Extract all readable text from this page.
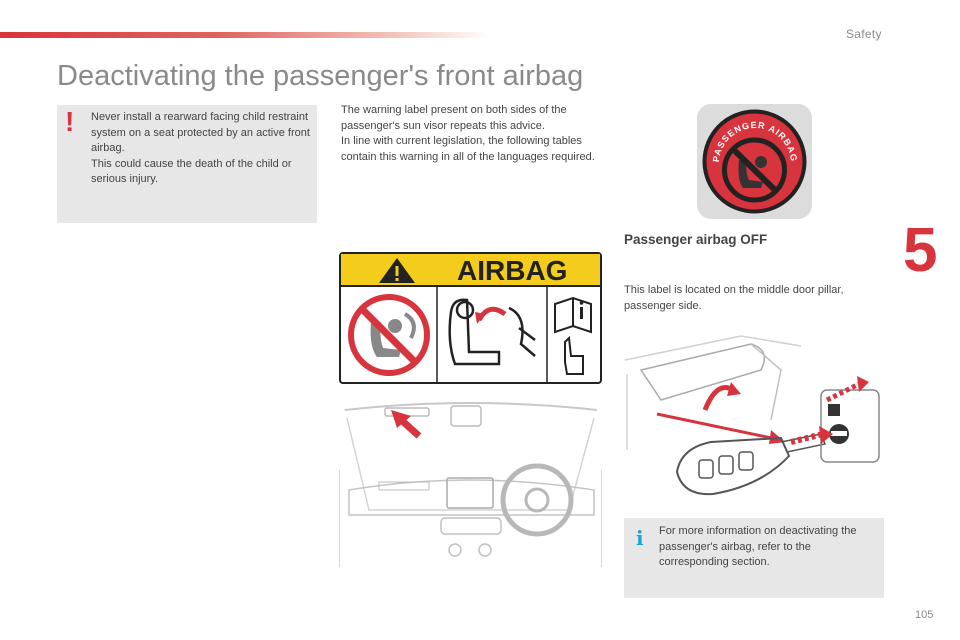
Safety
5
Deactivating the passenger's front airbag
! Never install a rearward facing child restraint system on a seat protected by an active front airbag.

This could cause the death of the child or serious injury.

The warning label present on both sides of the passenger's sun visor repeats this advice.

In line with current legislation, the following tables contain this warning in all of the languages required.

AIRBAG
PASSENGER AIRBAG
Passenger airbag OFF

This label is located on the middle door pillar, passenger side.

i For more information on deactivating the passenger's airbag, refer to the corresponding section.

105
